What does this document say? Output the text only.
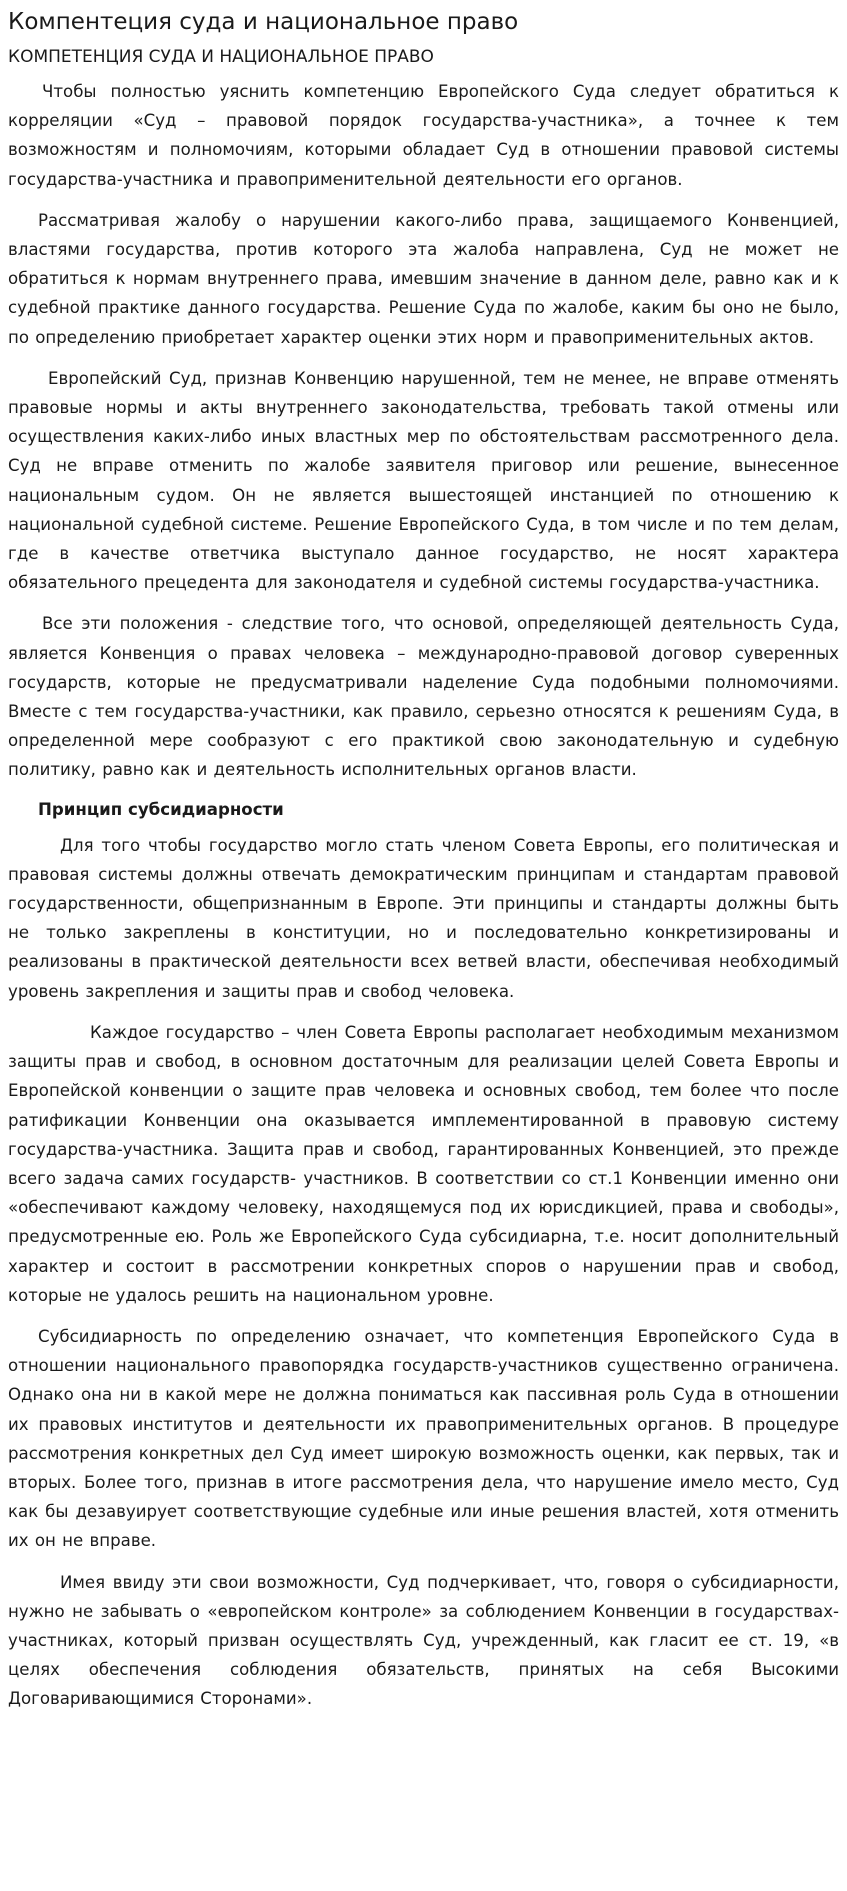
Компентеция суда и национальное право
КОМПЕТЕНЦИЯ СУДА И НАЦИОНАЛЬНОЕ ПРАВО

Чтобы полностью уяснить компетенцию Европейского Суда следует обратиться к корреляции «Суд – правовой порядок государства-участника», а точнее к тем возможностям и полномочиям, которыми обладает Суд в отношении правовой системы государства-участника и правоприменительной деятельности его органов.

Рассматривая жалобу о нарушении какого-либо права, защищаемого Конвенцией, властями государства, против которого эта жалоба направлена, Суд не может не обратиться к нормам внутреннего права, имевшим значение в данном деле, равно как и к судебной практике данного государства. Решение Суда по жалобе, каким бы оно не было, по определению приобретает характер оценки этих норм и правоприменительных актов.

Европейский Суд, признав Конвенцию нарушенной, тем не менее, не вправе отменять правовые нормы и акты внутреннего законодательства, требовать такой отмены или осуществления каких-либо иных властных мер по обстоятельствам рассмотренного дела. Суд не вправе отменить по жалобе заявителя приговор или решение, вынесенное национальным судом. Он не является вышестоящей инстанцией по отношению к национальной судебной системе. Решение Европейского Суда, в том числе и по тем делам, где в качестве ответчика выступало данное государство, не носят характера обязательного прецедента для законодателя и судебной системы государства-участника.

Все эти положения - следствие того, что основой, определяющей деятельность Суда, является Конвенция о правах человека – международно-правовой договор суверенных государств, которые не предусматривали наделение Суда подобными полномочиями. Вместе с тем государства-участники, как правило, серьезно относятся к решениям Суда, в определенной мере сообразуют с его практикой свою законодательную и судебную политику, равно как и деятельность исполнительных органов власти.

Принцип субсидиарности

Для того чтобы государство могло стать членом Совета Европы, его политическая и правовая системы должны отвечать демократическим принципам и стандартам правовой государственности, общепризнанным в Европе. Эти принципы и стандарты должны быть не только закреплены в конституции, но и последовательно конкретизированы и реализованы в практической деятельности всех ветвей власти, обеспечивая необходимый уровень закрепления и защиты прав и свобод человека.

Каждое государство – член Совета Европы располагает необходимым механизмом защиты прав и свобод, в основном достаточным для реализации целей Совета Европы и Европейской конвенции о защите прав человека и основных свобод, тем более что после ратификации Конвенции она оказывается имплементированной в правовую систему государства-участника. Защита прав и свобод, гарантированных Конвенцией, это прежде всего задача самих государств- участников. В соответствии со ст.1 Конвенции именно они «обеспечивают каждому человеку, находящемуся под их юрисдикцией, права и свободы», предусмотренные ею. Роль же Европейского Суда субсидиарна, т.е. носит дополнительный характер и состоит в рассмотрении конкретных споров о нарушении прав и свобод, которые не удалось решить на национальном уровне.

Субсидиарность по определению означает, что компетенция Европейского Суда в отношении национального правопорядка государств-участников существенно ограничена. Однако она ни в какой мере не должна пониматься как пассивная роль Суда в отношении их правовых институтов и деятельности их правоприменительных органов. В процедуре рассмотрения конкретных дел Суд имеет широкую возможность оценки, как первых, так и вторых. Более того, признав в итоге рассмотрения дела, что нарушение имело место, Суд как бы дезавуирует соответствующие судебные или иные решения властей, хотя отменить их он не вправе.

Имея ввиду эти свои возможности, Суд подчеркивает, что, говоря о субсидиарности, нужно не забывать о «европейском контроле» за соблюдением Конвенции в государствах-участниках, который призван осуществлять Суд, учрежденный, как гласит ее ст. 19, «в целях обеспечения соблюдения обязательств, принятых на себя Высокими Договаривающимися Сторонами».
